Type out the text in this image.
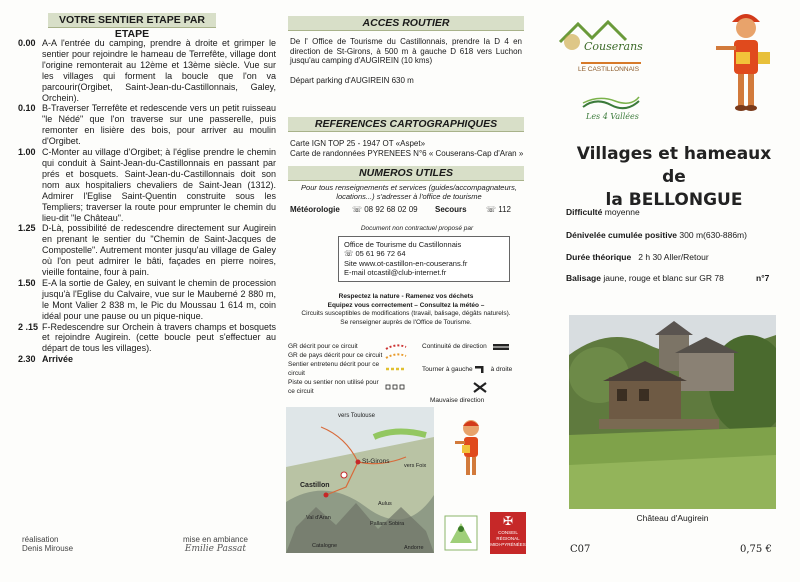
VOTRE SENTIER ETAPE PAR ETAPE
0.00 A-A l'entrée du camping, prendre à droite et grimper le sentier pour rejoindre le hameau de Terrefête, village dont l'origine remonterait au 12ème et 13ème siècle. Vue sur les villages qui forment la boucle que l'on va parcourir(Orgibet, Saint-Jean-du-Castillonnais, Galey, Orchein).
0.10 B-Traverser Terrefête et redescende vers un petit ruisseau "le Nédé" que l'on traverse sur une passerelle, puis remonter en lisière des bois, pour arriver au moulin d'Orgibet.
1.00 C-Monter au village d'Orgibet; à l'église prendre le chemin qui conduit à Saint-Jean-du-Castillonnais en passant par prés et bosquets. Saint-Jean-du-Castillonnais doit son nom aux hospitaliers chevaliers de Saint-Jean (1312). Admirer l'Eglise Saint-Quentin construite sous les Templiers; traverser la route pour emprunter le chemin du lieu-dit "le Château".
1.25 D-Là, possibilité de redescendre directement sur Augirein en prenant le sentier du "Chemin de Saint-Jacques de Compostelle". Autrement monter jusqu'au village de Galey où l'on peut admirer le bâti, façades en pierre noires, vieille fontaine, four à pain.
1.50 E-A la sortie de Galey, en suivant le chemin de procession jusqu'à l'Eglise du Calvaire, vue sur le Mauberné 2 880 m, le Mont Valier 2 838 m, le Pic du Moussau 1 614 m, coin idéal pour une pause ou un pique-nique.
2 .15 F-Redescendre sur Orchein à travers champs et bosquets et rejoindre Augirein. (cette boucle peut s'effectuer au départ de tous les villages).
2.30 Arrivée
réalisation
Denis Mirouse
mise en ambiance
Emilie Passat
ACCES ROUTIER
De l' Office de Tourisme du Castillonnais, prendre la D 4 en direction de St-Girons, à 500 m à gauche D 618 vers Luchon jusqu'au camping d'AUGIREIN (10 kms)
Départ parking d'AUGIREIN 630 m
REFERENCES CARTOGRAPHIQUES
Carte IGN TOP 25 - 1947 OT «Aspet»
Carte de randonnées PYRENEES N°6 « Couserans-Cap d'Aran »
NUMEROS UTILES
Pour tous renseignements et services (guides/accompagnateurs, locations...) s'adresser à l'office de tourisme
Météorologie ☏ 08 92 68 02 09 Secours ☏ 112
Document non contractuel proposé par
Office de Tourisme du Castillonnais
☏ 05 61 96 72 64
Site www.ot-castillon-en-couserans.fr
E-mail otcastil@club-internet.fr
Respectez la nature - Ramenez vos déchets
Equipez vous correctement – Consultez la météo –
Circuits susceptibles de modifications (travail, balisage, dégâts naturels).
Se renseigner auprès de l'Office de Tourisme.
GR décrit pour ce circuit	Continuité de direction
GR de pays décrit pour ce circuit
Sentier entretenu décrit pour ce circuit
Tourner à gauche	à droite
Piste ou sentier non utilisé pour ce circuit
Mauvaise direction
vers Toulouse
St-Girons
Castillon
vers Foix
Aulus
Val d'Aran
Pallars Sobira
Catalogne	Andorre
✠
CONSEIL
RÉGIONAL
MIDI-PYRÉNÉES
Couserans
LE CASTILLONNAIS
Les 4 Vallées
Villages et hameaux de
la BELLONGUE
Difficulté moyenne
Dénivelée cumulée positive 300 m(630-886m)
Durée théorique 2 h 30 Aller/Retour
Balisage jaune, rouge et blanc sur GR 78	n°7
Château d'Augirein
C07	0,75 €
